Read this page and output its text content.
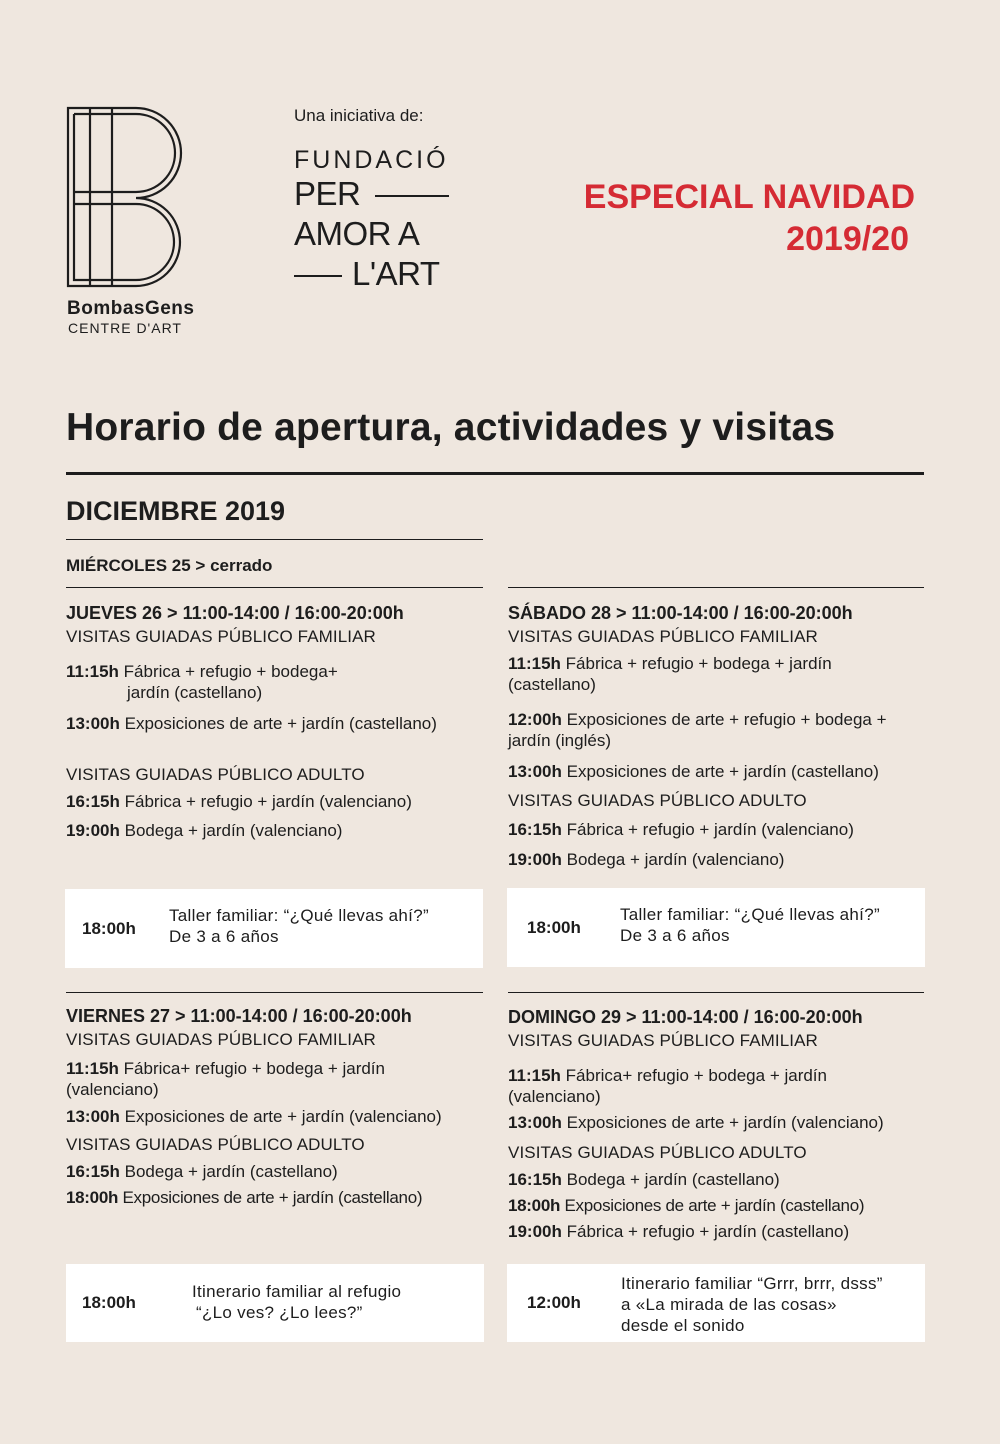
BombasGens
CENTRE D'ART
Una iniciativa de:
FUNDACIÓ
PER
AMOR A
L'ART
ESPECIAL NAVIDAD
2019/20
Horario de apertura, actividades y visitas
DICIEMBRE 2019
MIÉRCOLES 25 > cerrado
JUEVES 26 > 11:00-14:00 / 16:00-20:00h
VISITAS GUIADAS PÚBLICO FAMILIAR
11:15h Fábrica + refugio + bodega+
jardín (castellano)
13:00h Exposiciones de arte + jardín (castellano)
VISITAS GUIADAS PÚBLICO ADULTO
16:15h Fábrica + refugio + jardín (valenciano)
19:00h Bodega + jardín (valenciano)
18:00h
Taller familiar: “¿Qué llevas ahí?”
De 3 a 6 años
SÁBADO 28 > 11:00-14:00 / 16:00-20:00h
VISITAS GUIADAS PÚBLICO FAMILIAR
11:15h Fábrica + refugio + bodega + jardín
(castellano)
12:00h Exposiciones de arte + refugio + bodega +
jardín (inglés)
13:00h Exposiciones de arte + jardín (castellano)
VISITAS GUIADAS PÚBLICO ADULTO
16:15h Fábrica + refugio + jardín (valenciano)
19:00h Bodega + jardín (valenciano)
18:00h
Taller familiar: “¿Qué llevas ahí?”
De 3 a 6 años
VIERNES 27 > 11:00-14:00 / 16:00-20:00h
VISITAS GUIADAS PÚBLICO FAMILIAR
11:15h Fábrica+ refugio + bodega + jardín
(valenciano)
13:00h Exposiciones de arte + jardín (valenciano)
VISITAS GUIADAS PÚBLICO ADULTO
16:15h Bodega + jardín (castellano)
18:00h Exposiciones de arte + jardín (castellano)
18:00h
Itinerario familiar al refugio
“¿Lo ves? ¿Lo lees?”
DOMINGO 29 > 11:00-14:00 / 16:00-20:00h
VISITAS GUIADAS PÚBLICO FAMILIAR
11:15h Fábrica+ refugio + bodega + jardín
(valenciano)
13:00h Exposiciones de arte + jardín (valenciano)
VISITAS GUIADAS PÚBLICO ADULTO
16:15h Bodega + jardín (castellano)
18:00h Exposiciones de arte + jardín (castellano)
19:00h Fábrica + refugio + jardín (castellano)
12:00h
Itinerario familiar “Grrr, brrr, dsss”
a «La mirada de las cosas»
desde el sonido
